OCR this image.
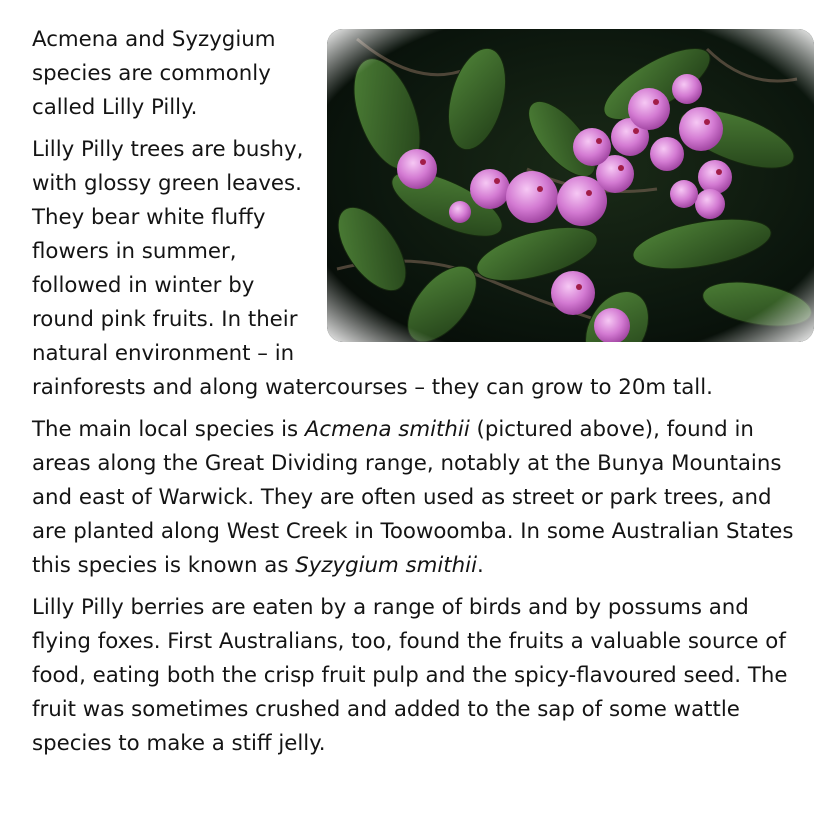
Acmena and Syzygium species are commonly called Lilly Pilly.

Lilly Pilly trees are bushy, with glossy green leaves. They bear white fluffy flowers in summer, followed in winter by round pink fruits. In their natural environment – in rainforests and along watercourses – they can grow to 20m tall.

The main local species is Acmena smithii (pictured above), found in areas along the Great Dividing range, notably at the Bunya Mountains and east of Warwick. They are often used as street or park trees, and are planted along West Creek in Toowoomba. In some Australian States this species is known as Syzygium smithii.

Lilly Pilly berries are eaten by a range of birds and by possums and flying foxes. First Australians, too, found the fruits a valuable source of food, eating both the crisp fruit pulp and the spicy-flavoured seed. The fruit was sometimes crushed and added to the sap of some wattle species to make a stiff jelly.
